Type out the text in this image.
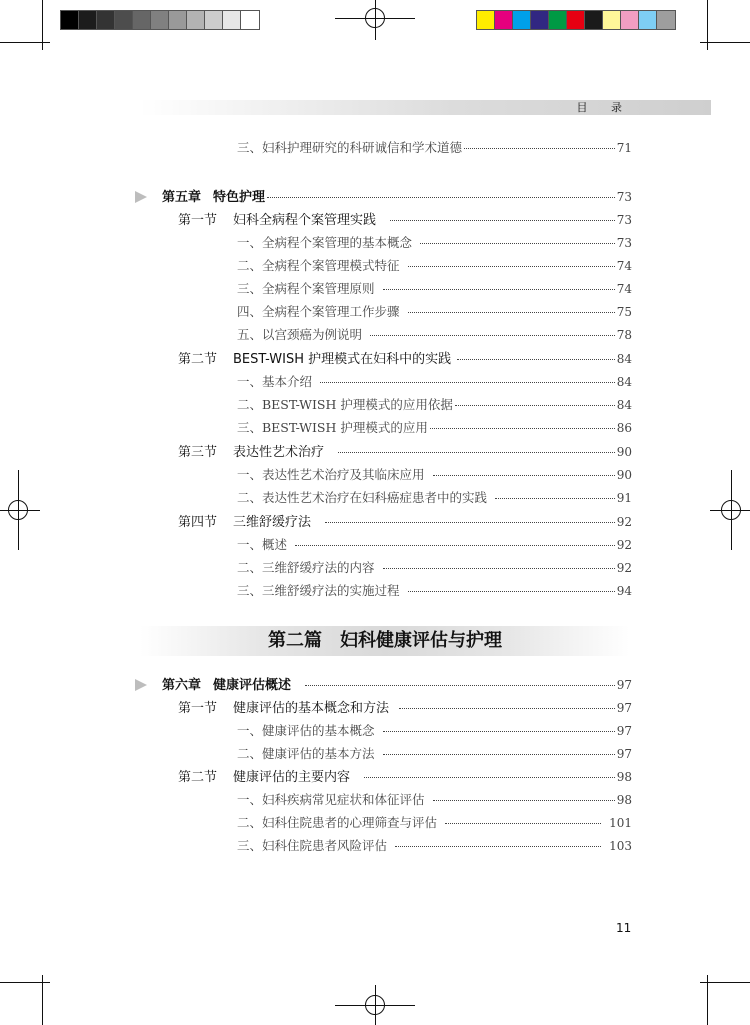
目 录
三、妇科护理研究的科研诚信和学术道德	71
第五章 特色护理	73
第一节 妇科全病程个案管理实践	73
一、全病程个案管理的基本概念	73
二、全病程个案管理模式特征	74
三、全病程个案管理原则	74
四、全病程个案管理工作步骤	75
五、以宫颈癌为例说明	78
第二节 BEST-WISH 护理模式在妇科中的实践	84
一、基本介绍	84
二、BEST-WISH 护理模式的应用依据	84
三、BEST-WISH 护理模式的应用	86
第三节 表达性艺术治疗	90
一、表达性艺术治疗及其临床应用	90
二、表达性艺术治疗在妇科癌症患者中的实践	91
第四节 三维舒缓疗法	92
一、概述	92
二、三维舒缓疗法的内容	92
三、三维舒缓疗法的实施过程	94
第二篇　妇科健康评估与护理
第六章 健康评估概述	97
第一节 健康评估的基本概念和方法	97
一、健康评估的基本概念	97
二、健康评估的基本方法	97
第二节 健康评估的主要内容	98
一、妇科疾病常见症状和体征评估	98
二、妇科住院患者的心理筛查与评估	101
三、妇科住院患者风险评估	103
11
